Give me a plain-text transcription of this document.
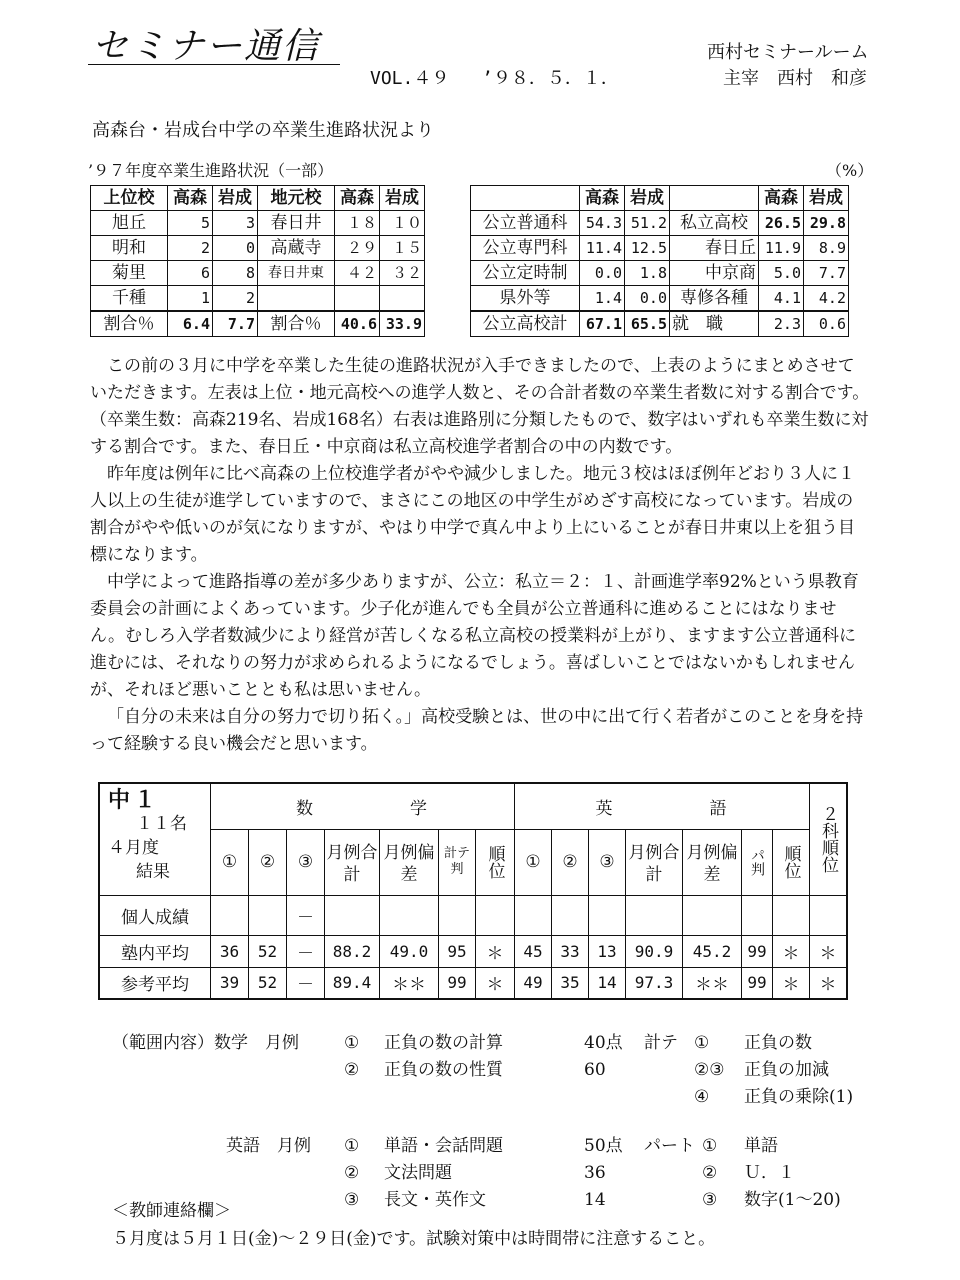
セミナー通信
VOL.４９ ’９８．５．１．
西村セミナールーム
主宰　西村　和彦
高森台・岩成台中学の卒業生進路状況より
’９７年度卒業生進路状況（一部）	（%）
上位校	高森	岩成	地元校	高森	岩成
旭丘	5	3	春日井	１８	１０
明和	2	0	高蔵寺	２９	１５
菊里	6	8	春日井東	４２	３２
千種	1	2			
割合％	6.4	7.7	割合％	40.6	33.9
	高森	岩成		高森	岩成
公立普通科	54.3	51.2	私立高校	26.5	29.8
公立専門科	11.4	12.5	春日丘	11.9	8.9
公立定時制	0.0	1.8	中京商	5.0	7.7
県外等	1.4	0.0	専修各種	4.1	4.2
公立高校計	67.1	65.5	就　職	2.3	0.6

この前の３月に中学を卒業した生徒の進路状況が入手できましたので、上表のようにまとめさせていただきます。左表は上位・地元高校への進学人数と、その合計者数の卒業生者数に対する割合です。（卒業生数：高森219名、岩成168名）右表は進路別に分類したもので、数字はいずれも卒業生数に対する割合です。また、春日丘・中京商は私立高校進学者割合の中の内数です。

昨年度は例年に比べ高森の上位校進学者がやや減少しました。地元３校はほぼ例年どおり３人に１人以上の生徒が進学していますので、まさにこの地区の中学生がめざす高校になっています。岩成の割合がやや低いのが気になりますが、やはり中学で真ん中より上にいることが春日井東以上を狙う目標になります。

中学によって進路指導の差が多少ありますが、公立：私立＝２：１、計画進学率92%という県教育委員会の計画によくあっています。少子化が進んでも全員が公立普通科に進めることにはなりません。むしろ入学者数減少により経営が苦しくなる私立高校の授業料が上がり、ますます公立普通科に進むには、それなりの努力が求められるようになるでしょう。喜ばしいことではないかもしれませんが、それほど悪いこととも私は思いません。

「自分の未来は自分の努力で切り拓く。」高校受験とは、世の中に出て行く若者がこのことを身を持って経験する良い機会だと思います。

中１
１１名
４月度
結果	数　　　　　学							英　　　　　語							２科順位
	①	②	③	月例合計	月例偏差	計テ判	順位	①	②	③	月例合計	月例偏差	パ判	順位	
個人成績			－												
塾内平均	36	52	－	88.2	49.0	95	＊	45	33	13	90.9	45.2	99	＊	＊
参考平均	39	52	－	89.4	＊＊	99	＊	49	35	14	97.3	＊＊	99	＊	＊
（範囲内容）数学　月例	① 正負の数の計算	40点 計テ ① 正負の数
② 正負の数の性質	60	②③ 正負の加減
④ 正負の乗除(1)
英語　月例 ① 単語・会話問題	50点 パート ① 単語
② 文法問題	36	② Ｕ．１
③ 長文・英作文	14	③ 数字(1〜20)
＜教師連絡欄＞
５月度は５月１日(金)〜２９日(金)です。試験対策中は時間帯に注意すること。
